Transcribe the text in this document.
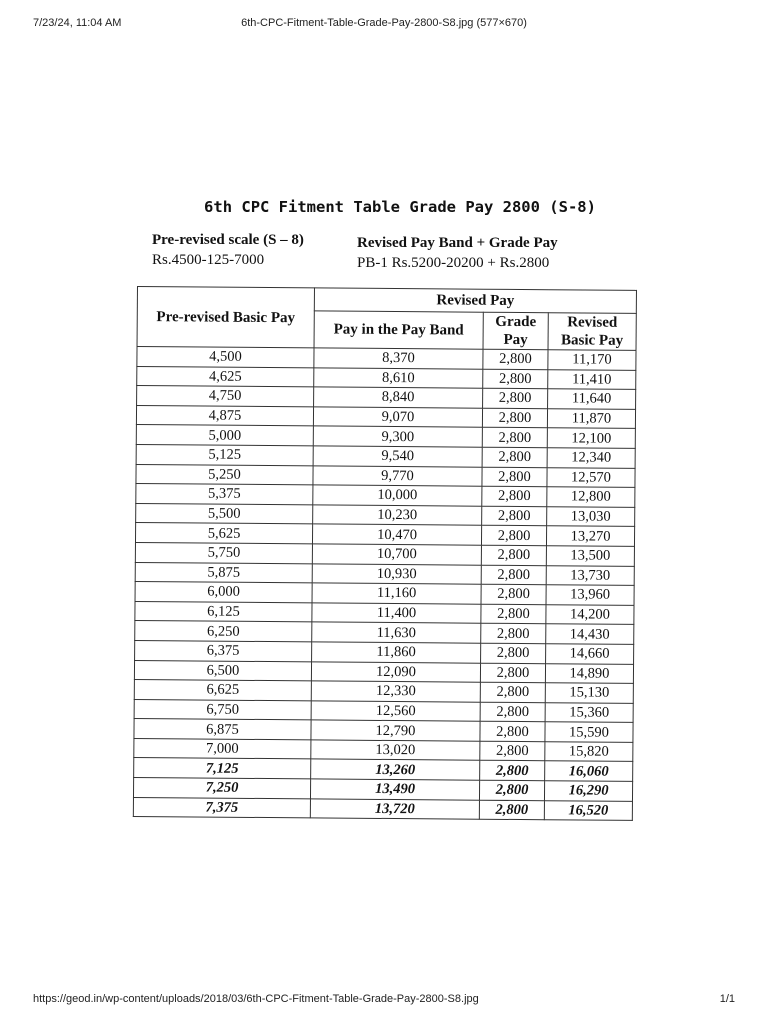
7/23/24, 11:04 AM	6th-CPC-Fitment-Table-Grade-Pay-2800-S8.jpg (577×670)
6th CPC Fitment Table Grade Pay 2800 (S-8)
Pre-revised scale (S – 8)
Rs.4500-125-7000
Revised Pay Band + Grade Pay
PB-1 Rs.5200-20200 + Rs.2800
Pre-revised Basic Pay	Revised Pay		
	Pay in the Pay Band	Grade Pay	Revised Basic Pay
4,500	8,370	2,800	11,170
4,625	8,610	2,800	11,410
4,750	8,840	2,800	11,640
4,875	9,070	2,800	11,870
5,000	9,300	2,800	12,100
5,125	9,540	2,800	12,340
5,250	9,770	2,800	12,570
5,375	10,000	2,800	12,800
5,500	10,230	2,800	13,030
5,625	10,470	2,800	13,270
5,750	10,700	2,800	13,500
5,875	10,930	2,800	13,730
6,000	11,160	2,800	13,960
6,125	11,400	2,800	14,200
6,250	11,630	2,800	14,430
6,375	11,860	2,800	14,660
6,500	12,090	2,800	14,890
6,625	12,330	2,800	15,130
6,750	12,560	2,800	15,360
6,875	12,790	2,800	15,590
7,000	13,020	2,800	15,820
7,125	13,260	2,800	16,060
7,250	13,490	2,800	16,290
7,375	13,720	2,800	16,520
https://geod.in/wp-content/uploads/2018/03/6th-CPC-Fitment-Table-Grade-Pay-2800-S8.jpg	1/1
